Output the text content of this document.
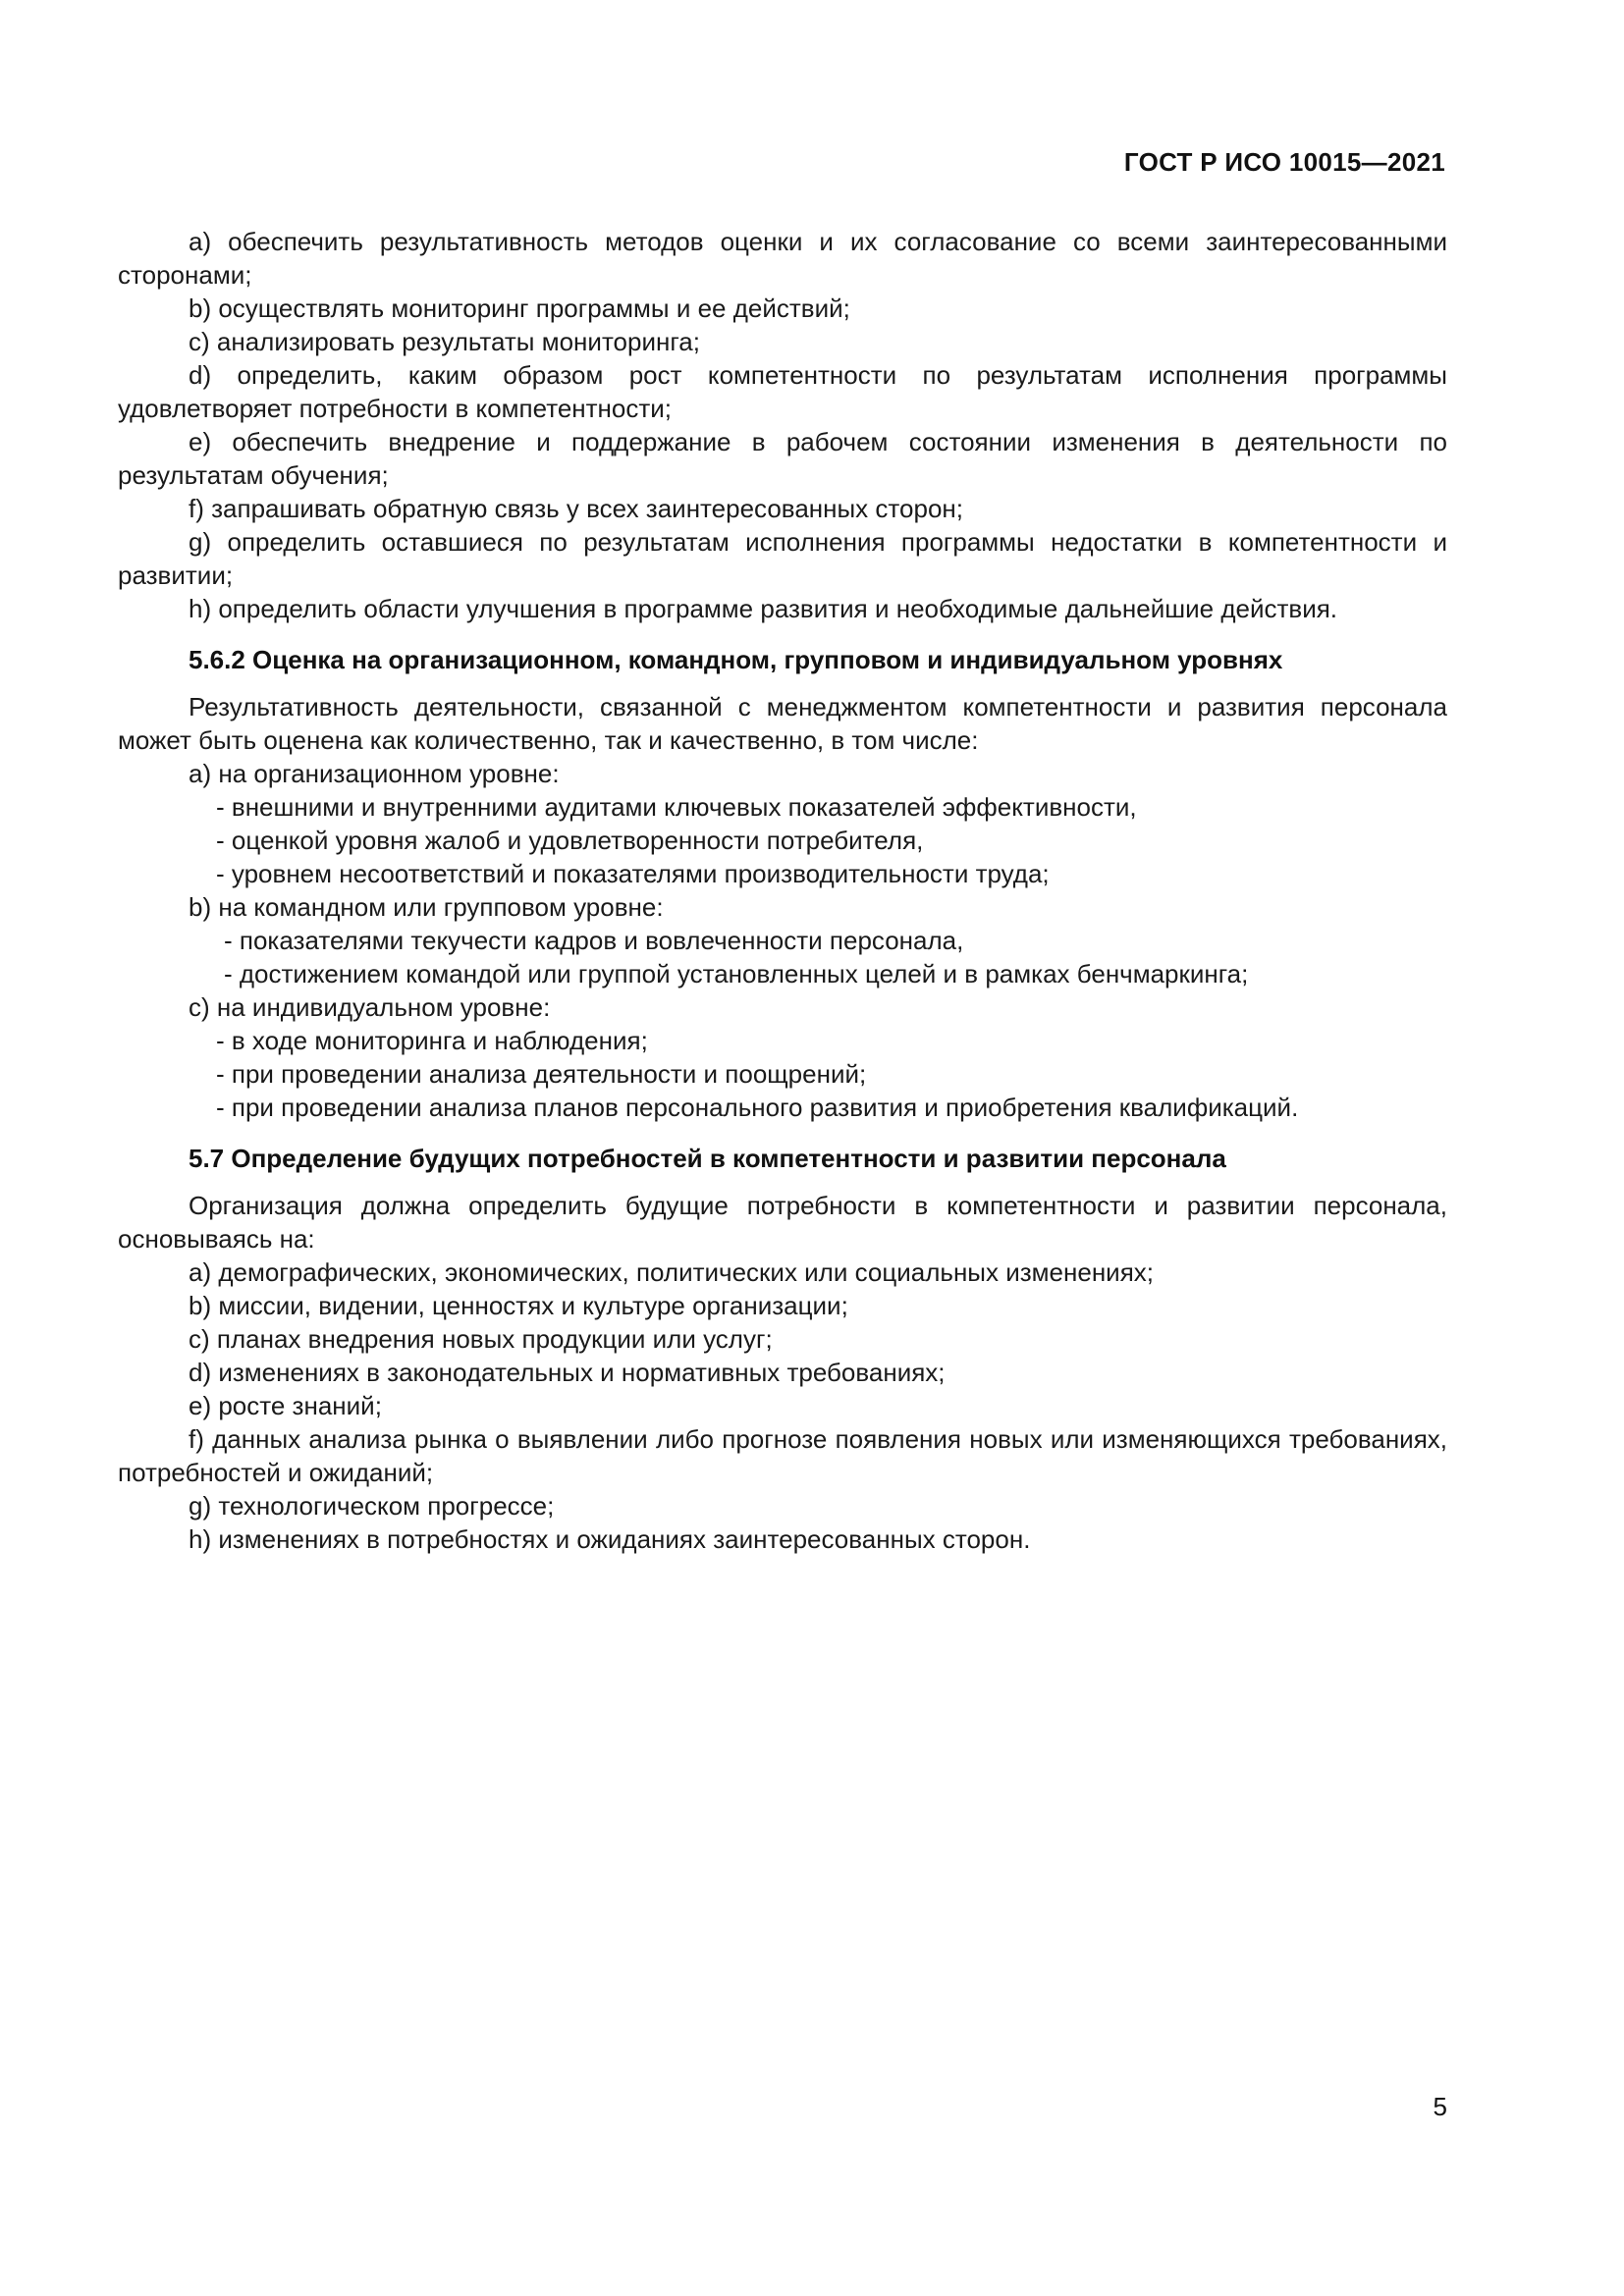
ГОСТ Р ИСО 10015—2021

а) обеспечить результативность методов оценки и их согласование со всеми заинтересованными сторонами;

b) осуществлять мониторинг программы и ее действий;

c) анализировать результаты мониторинга;

d) определить, каким образом рост компетентности по результатам исполнения программы удовлетворяет потребности в компетентности;

e) обеспечить внедрение и поддержание в рабочем состоянии изменения в деятельности по результатам обучения;

f) запрашивать обратную связь у всех заинтересованных сторон;

g) определить оставшиеся по результатам исполнения программы недостатки в компетентности и развитии;

h) определить области улучшения в программе развития и необходимые дальнейшие действия.

5.6.2 Оценка на организационном, командном, групповом и индивидуальном уровнях

Результативность деятельности, связанной с менеджментом компетентности и развития персонала может быть оценена как количественно, так и качественно, в том числе:

а) на организационном уровне:

- внешними и внутренними аудитами ключевых показателей эффективности,

- оценкой уровня жалоб и удовлетворенности потребителя,

- уровнем несоответствий и показателями производительности труда;

b) на командном или групповом уровне:

- показателями текучести кадров и вовлеченности персонала,

- достижением командой или группой установленных целей и в рамках бенчмаркинга;

c) на индивидуальном уровне:

- в ходе мониторинга и наблюдения;

- при проведении анализа деятельности и поощрений;

- при проведении анализа планов персонального развития и приобретения квалификаций.

5.7 Определение будущих потребностей в компетентности и развитии персонала

Организация должна определить будущие потребности в компетентности и развитии персонала, основываясь на:

а) демографических, экономических, политических или социальных изменениях;

b) миссии, видении, ценностях и культуре организации;

c) планах внедрения новых продукции или услуг;

d) изменениях в законодательных и нормативных требованиях;

e) росте знаний;

f) данных анализа рынка о выявлении либо прогнозе появления новых или изменяющихся требованиях, потребностей и ожиданий;

g) технологическом прогрессе;

h) изменениях в потребностях и ожиданиях заинтересованных сторон.

5
